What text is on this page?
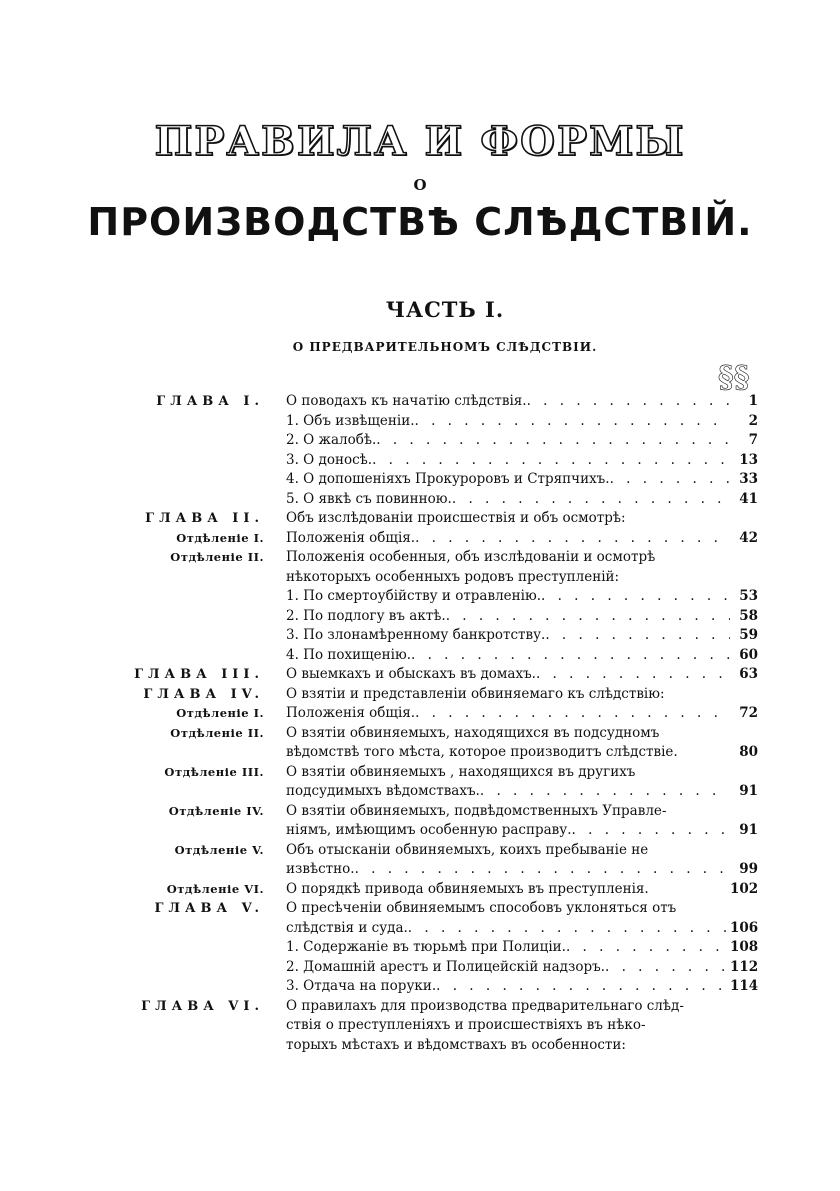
ПРАВИЛА И ФОРМЫ
О
ПРОИЗВОДСТВѢ СЛѢДСТВІЙ.
ЧАСТЬ I.
О ПРЕДВАРИТЕЛЬНОМЪ СЛѢДСТВІИ.
§§
ГЛАВА I.	О поводахъ къ начатію слѣдствія. . . .	1
1. Объ извѣщеніи. . . .	2
2. О жалобѣ. . . .	7
3. О доносѣ. . . .	13
4. О допошеніяхъ Прокуроровъ и Стряпчихъ. . . .	33
5. О явкѣ съ повинною. . . .	41
ГЛАВА II.	Объ изслѣдованіи происшествія и объ осмотрѣ:
Отдѣленіе I.	Положенія общія. . . .	42
Отдѣленіе II.	Положенія особенныя, объ изслѣдованіи и осмотрѣ
нѣкоторыхъ особенныхъ родовъ преступленій:
1. По смертоубійству и отравленію. . . .	53
2. По подлогу въ актѣ. . . .	58
3. По злонамѣренному банкротству. . . .	59
4. По похищенію. . . .	60
ГЛАВА III.	О выемкахъ и обыскахъ въ домахъ. . . .	63
ГЛАВА IV.	О взятіи и представленіи обвиняемаго къ слѣдствію:
Отдѣленіе I.	Положенія общія. . . .	72
Отдѣленіе II.	О взятіи обвиняемыхъ, находящихся въ подсудномъ
вѣдомствѣ того мѣста, которое производитъ слѣдствіе.	80
Отдѣленіе III.	О взятіи обвиняемыхъ , находящихся въ другихъ
подсудимыхъ вѣдомствахъ. . . .	91
Отдѣленіе IV.	О взятіи обвиняемыхъ, подвѣдомственныхъ Управле-
ніямъ, имѣющимъ особенную расправу. . . .	91
Отдѣленіе V.	Объ отысканіи обвиняемыхъ, коихъ пребываніе не
извѣстно. . . .	99
Отдѣленіе VI.	О порядкѣ привода обвиняемыхъ въ преступленія.	102
ГЛАВА V.	О пресѣченіи обвиняемымъ способовъ уклоняться отъ
слѣдствія и суда. . . .	106
1. Содержаніе въ тюрьмѣ при Полиціи. . . .	108
2. Домашній арестъ и Полицейскій надзоръ. . . .	112
3. Отдача на поруки. . . .	114
ГЛАВА VI.	О правилахъ для производства предварительнаго слѣд-
ствія о преступленіяхъ и происшествіяхъ въ нѣко-
торыхъ мѣстахъ и вѣдомствахъ въ особенности:
